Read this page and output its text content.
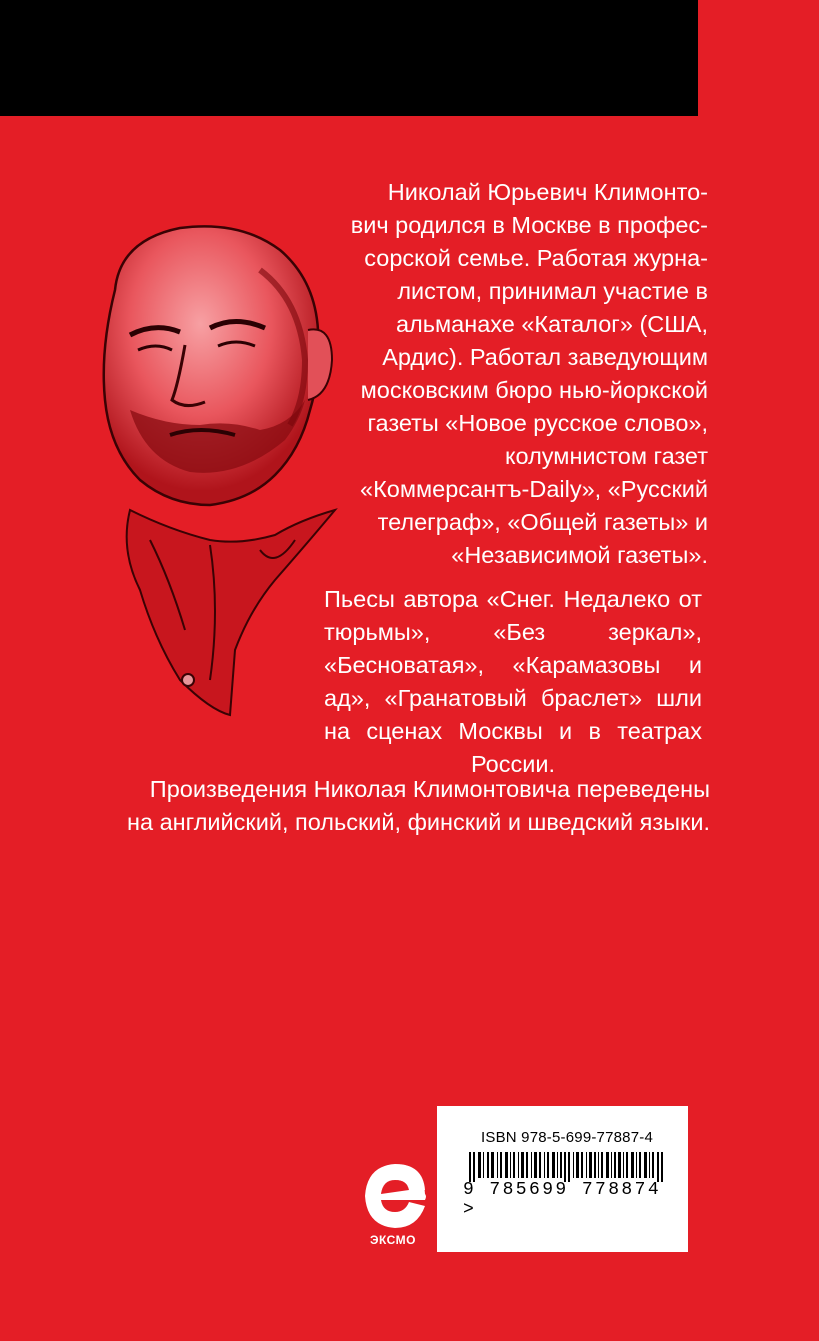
Николай Юрьевич Климонто-
вич родился в Москве в профес-
сорской семье. Работая журна-
листом, принимал участие в
альманахе «Каталог» (США,
Ардис). Работал заведующим
московским бюро нью-йоркской
газеты «Новое русское слово»,
колумнистом газет
«Коммерсантъ-Daily», «Русский
телеграф», «Общей газеты» и
«Независимой газеты».
Пьесы автора «Снег. Недалеко от тюрьмы», «Без зеркал», «Бесноватая», «Карамазовы и ад», «Гранатовый браслет» шли на сценах Москвы и в театрах России.
Произведения Николая Климонтовича переведены
на английский, польский, финский и шведский языки.
ЭКСМО
ISBN 978-5-699-77887-4
9 785699 778874 >
